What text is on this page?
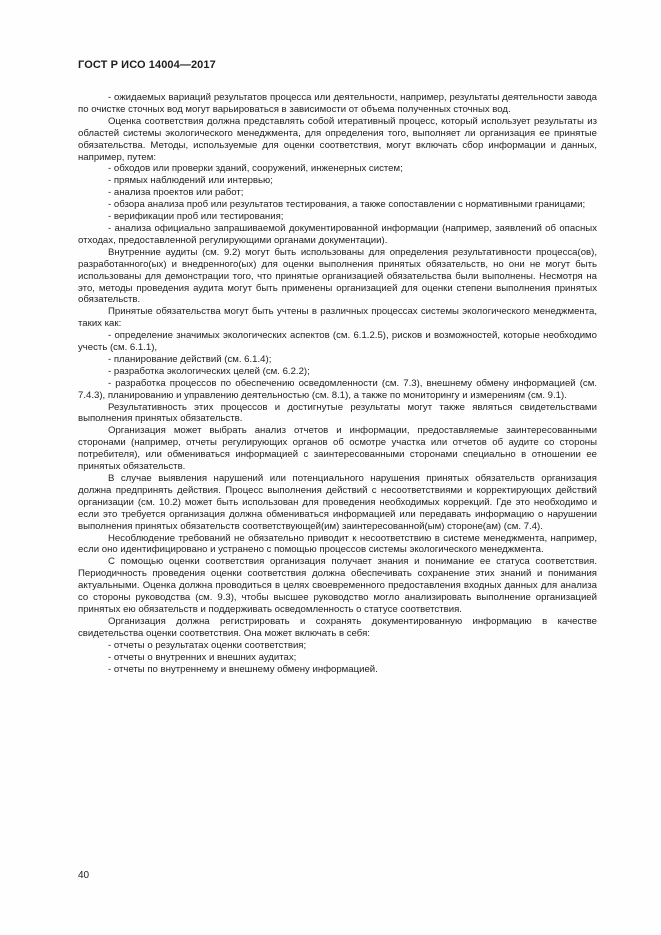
ГОСТ Р ИСО 14004—2017

- ожидаемых вариаций результатов процесса или деятельности, например, результаты деятельности завода по очистке сточных вод могут варьироваться в зависимости от объема полученных сточных вод.

Оценка соответствия должна представлять собой итеративный процесс, который использует результаты из областей системы экологического менеджмента, для определения того, выполняет ли организация ее принятые обязательства. Методы, используемые для оценки соответствия, могут включать сбор информации и данных, например, путем:

- обходов или проверки зданий, сооружений, инженерных систем;

- прямых наблюдений или интервью;

- анализа проектов или работ;

- обзора анализа проб или результатов тестирования, а также сопоставлении с нормативными границами;

- верификации проб или тестирования;

- анализа официально запрашиваемой документированной информации (например, заявлений об опасных отходах, предоставленной регулирующими органами документации).

Внутренние аудиты (см. 9.2) могут быть использованы для определения результативности процесса(ов), разработанного(ых) и внедренного(ых) для оценки выполнения принятых обязательств, но они не могут быть использованы для демонстрации того, что принятые организацией обязательства были выполнены. Несмотря на это, методы проведения аудита могут быть применены организацией для оценки степени выполнения принятых обязательств.

Принятые обязательства могут быть учтены в различных процессах системы экологического менеджмента, таких как:

- определение значимых экологических аспектов (см. 6.1.2.5), рисков и возможностей, которые необходимо учесть (см. 6.1.1),

- планирование действий (см. 6.1.4);

- разработка экологических целей (см. 6.2.2);

- разработка процессов по обеспечению осведомленности (см. 7.3), внешнему обмену информацией (см. 7.4.3), планированию и управлению деятельностью (см. 8.1), а также по мониторингу и измерениям (см. 9.1).

Результативность этих процессов и достигнутые результаты могут также являться свидетельствами выполнения принятых обязательств.

Организация может выбрать анализ отчетов и информации, предоставляемые заинтересованными сторонами (например, отчеты регулирующих органов об осмотре участка или отчетов об аудите со стороны потребителя), или обмениваться информацией с заинтересованными сторонами специально в отношении ее принятых обязательств.

В случае выявления нарушений или потенциального нарушения принятых обязательств организация должна предпринять действия. Процесс выполнения действий с несоответствиями и корректирующих действий организации (см. 10.2) может быть использован для проведения необходимых коррекций. Где это необходимо и если это требуется организация должна обмениваться информацией или передавать информацию о нарушении выполнения принятых обязательств соответствующей(им) заинтересованной(ым) стороне(ам) (см. 7.4).

Несоблюдение требований не обязательно приводит к несоответствию в системе менеджмента, например, если оно идентифицировано и устранено с помощью процессов системы экологического менеджмента.

С помощью оценки соответствия организация получает знания и понимание ее статуса соответствия. Периодичность проведения оценки соответствия должна обеспечивать сохранение этих знаний и понимания актуальными. Оценка должна проводиться в целях своевременного предоставления входных данных для анализа со стороны руководства (см. 9.3), чтобы высшее руководство могло анализировать выполнение организацией принятых ею обязательств и поддерживать осведомленность о статусе соответствия.

Организация должна регистрировать и сохранять документированную информацию в качестве свидетельства оценки соответствия. Она может включать в себя:

- отчеты о результатах оценки соответствия;

- отчеты о внутренних и внешних аудитах;

- отчеты по внутреннему и внешнему обмену информацией.

40
